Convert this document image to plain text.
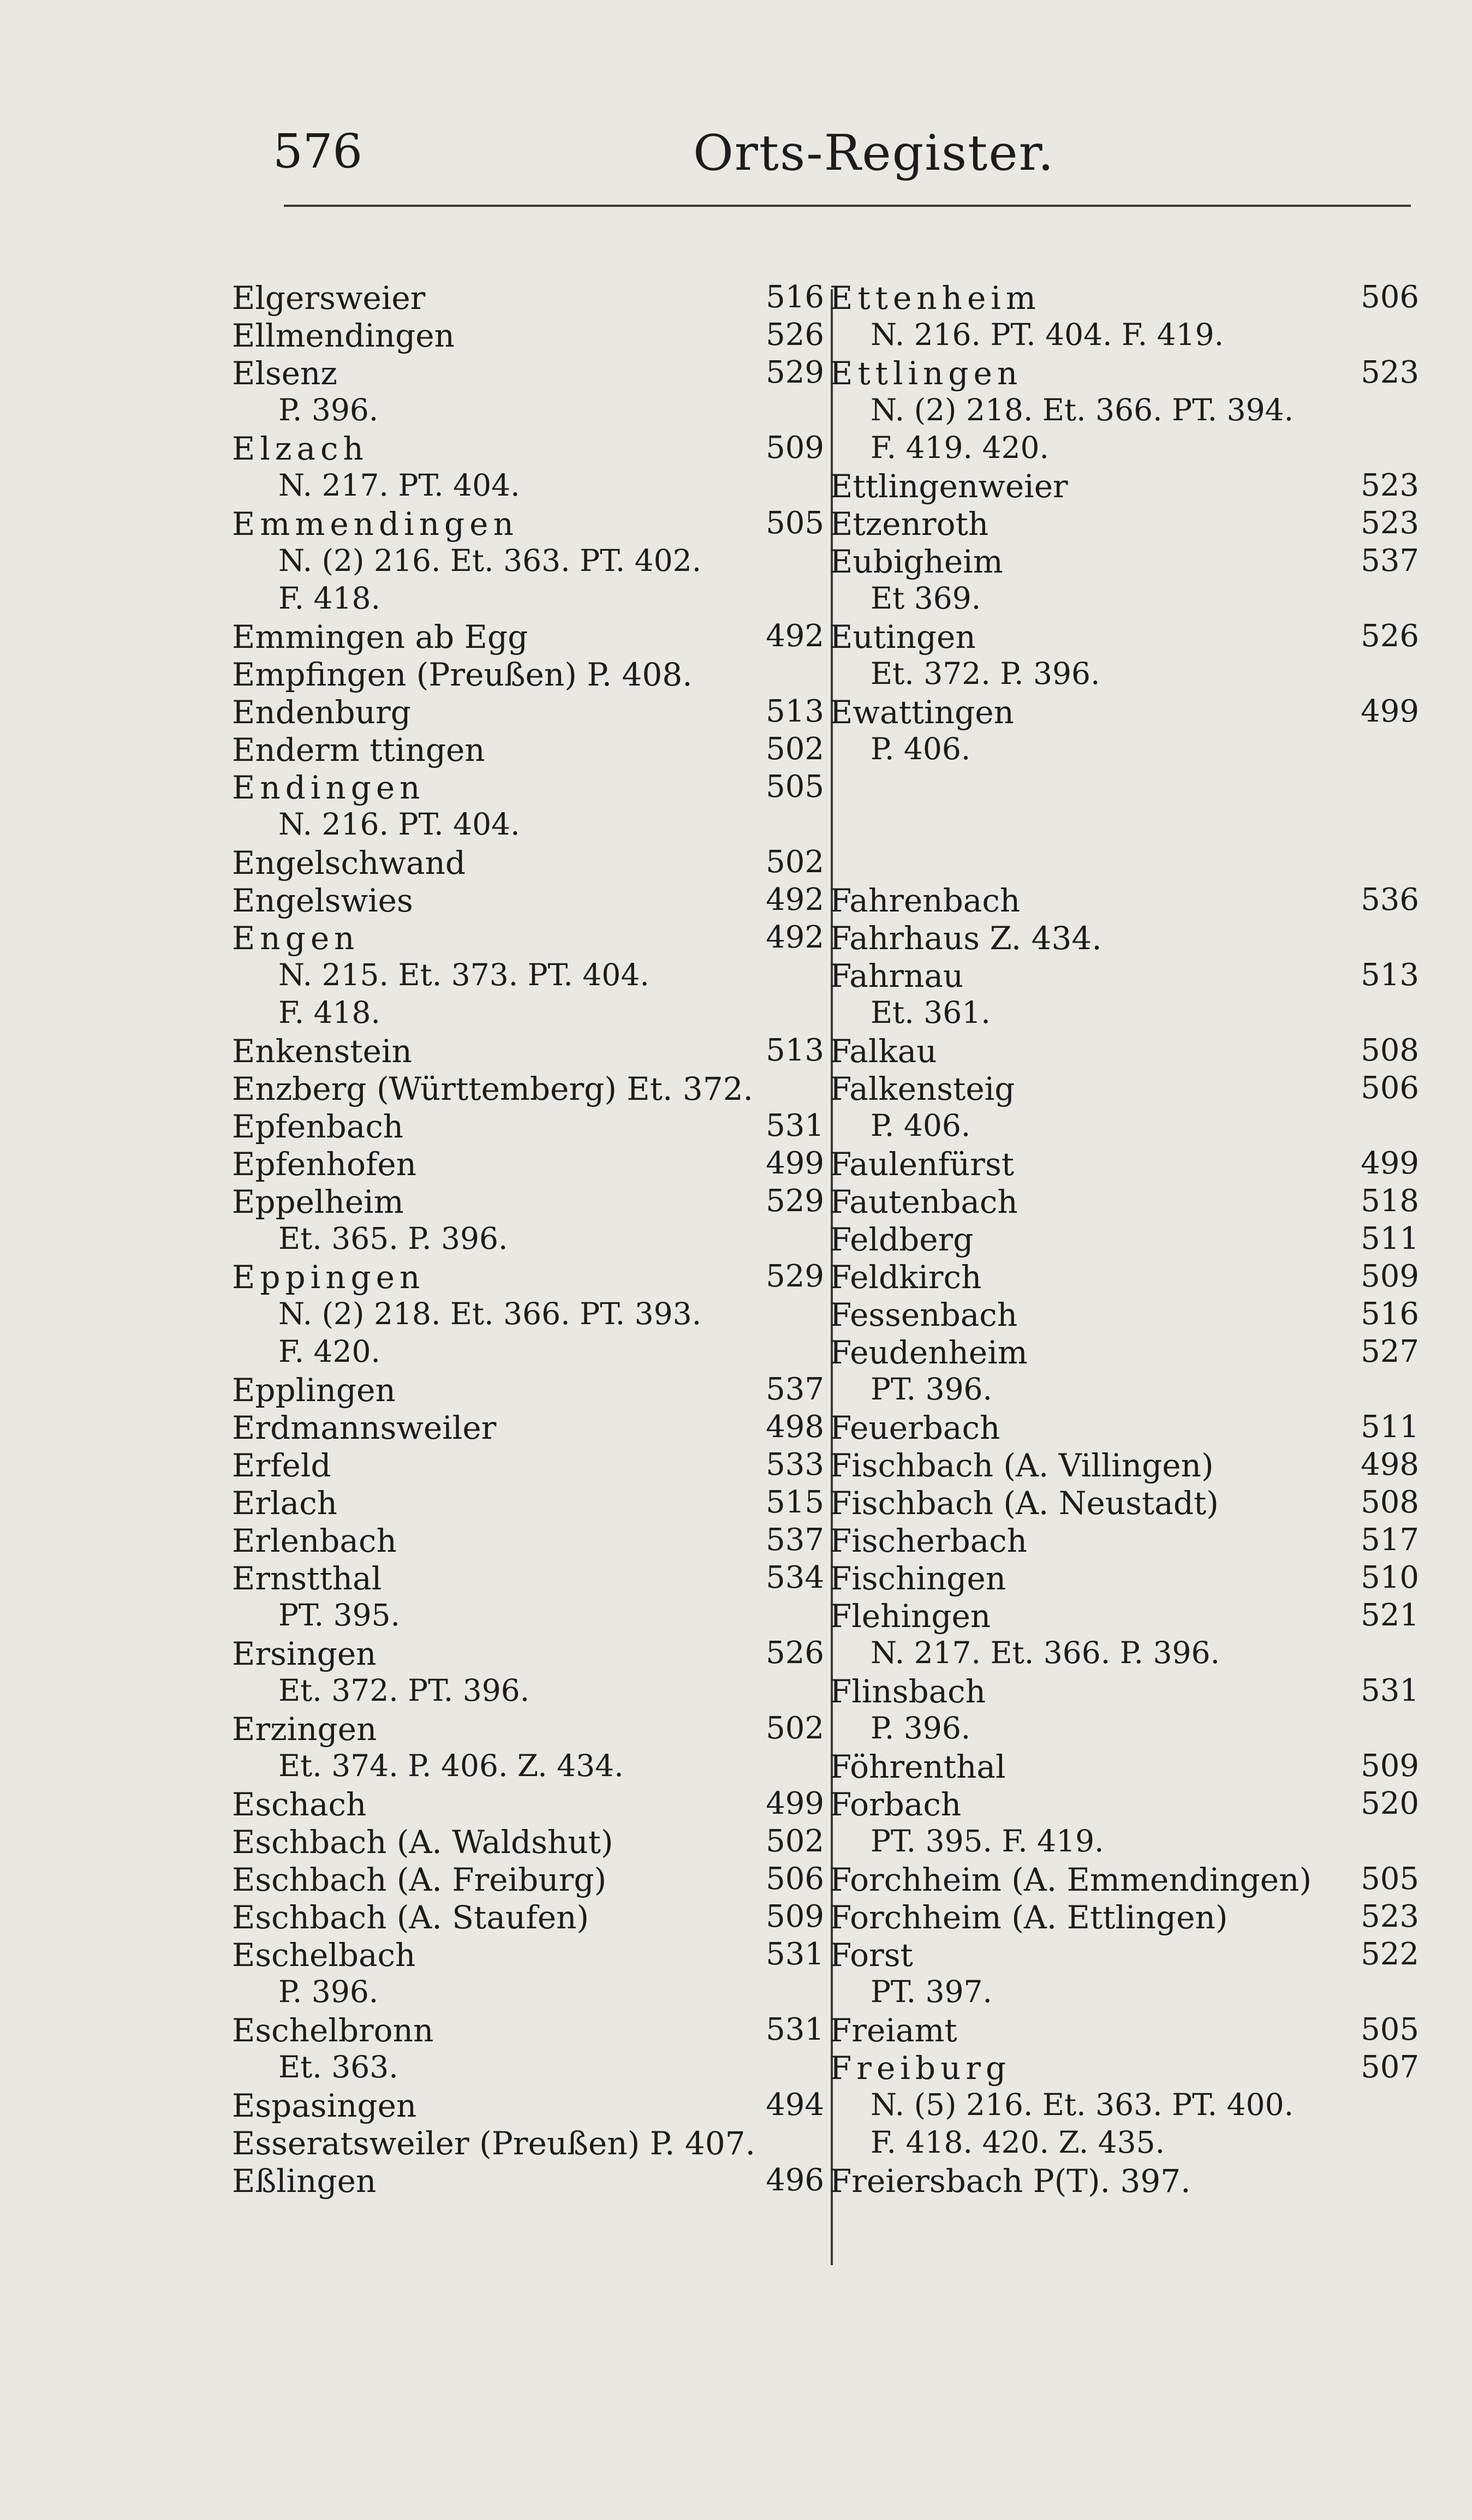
576	Orts-Register.
Elgersweier	516
Ellmendingen	526
Elsenz	529
P. 396.
Elzach	509
N. 217. PT. 404.
Emmendingen	505
N. (2) 216. Et. 363. PT. 402.
F. 418.
Emmingen ab Egg	492
Empfingen (Preußen) P. 408.
Endenburg	513
Enderm ttingen	502
Endingen	505
N. 216. PT. 404.
Engelschwand	502
Engelswies	492
Engen	492
N. 215. Et. 373. PT. 404.
F. 418.
Enkenstein	513
Enzberg (Württemberg) Et. 372.
Epfenbach	531
Epfenhofen	499
Eppelheim	529
Et. 365. P. 396.
Eppingen	529
N. (2) 218. Et. 366. PT. 393.
F. 420.
Epplingen	537
Erdmannsweiler	498
Erfeld	533
Erlach	515
Erlenbach	537
Ernstthal	534
PT. 395.
Ersingen	526
Et. 372. PT. 396.
Erzingen	502
Et. 374. P. 406. Z. 434.
Eschach	499
Eschbach (A. Waldshut)	502
Eschbach (A. Freiburg)	506
Eschbach (A. Staufen)	509
Eschelbach	531
P. 396.
Eschelbronn	531
Et. 363.
Espasingen	494
Esseratsweiler (Preußen) P. 407.
Eßlingen	496
Ettenheim	506
N. 216. PT. 404. F. 419.
Ettlingen	523
N. (2) 218. Et. 366. PT. 394.
F. 419. 420.
Ettlingenweier	523
Etzenroth	523
Eubigheim	537
Et 369.
Eutingen	526
Et. 372. P. 396.
Ewattingen	499
P. 406.
Fahrenbach	536
Fahrhaus Z. 434.
Fahrnau	513
Et. 361.
Falkau	508
Falkensteig	506
P. 406.
Faulenfürst	499
Fautenbach	518
Feldberg	511
Feldkirch	509
Fessenbach	516
Feudenheim	527
PT. 396.
Feuerbach	511
Fischbach (A. Villingen)	498
Fischbach (A. Neustadt)	508
Fischerbach	517
Fischingen	510
Flehingen	521
N. 217. Et. 366. P. 396.
Flinsbach	531
P. 396.
Föhrenthal	509
Forbach	520
PT. 395. F. 419.
Forchheim (A. Emmendingen) 505
Forchheim (A. Ettlingen)	523
Forst	522
PT. 397.
Freiamt	505
Freiburg	507
N. (5) 216. Et. 363. PT. 400.
F. 418. 420. Z. 435.
Freiersbach P(T). 397.
